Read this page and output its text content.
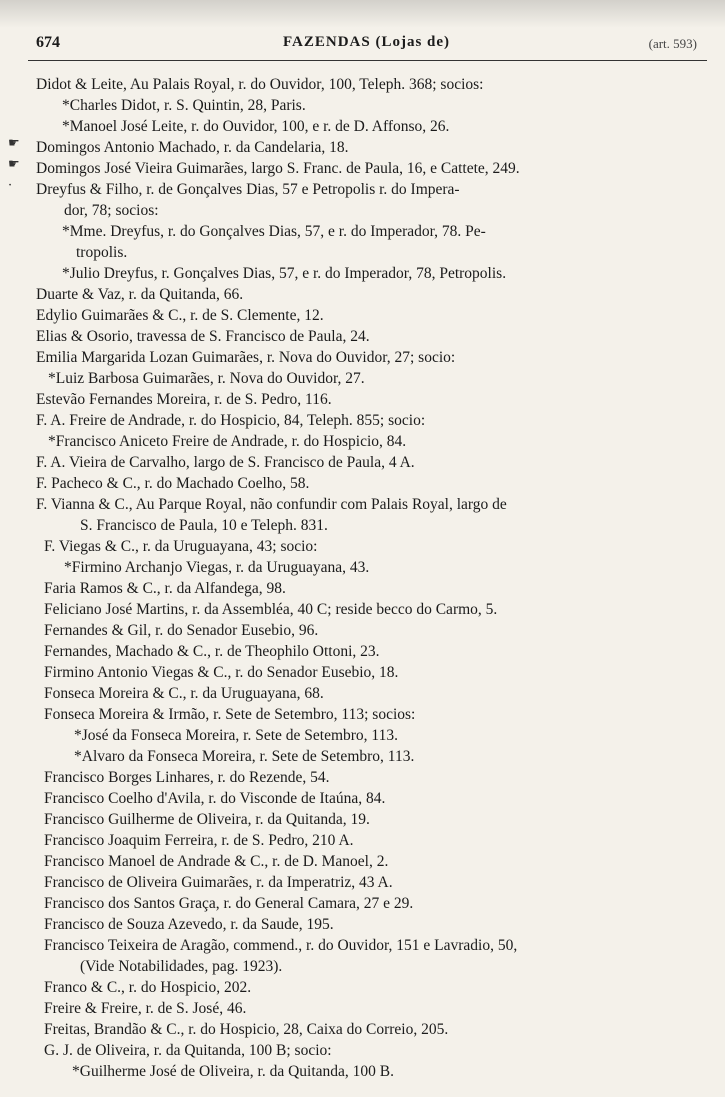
674	FAZENDAS (Lojas de)	(art. 593)
☛
☛
·
Didot & Leite, Au Palais Royal, r. do Ouvidor, 100, Teleph. 368; socios:
*Charles Didot, r. S. Quintin, 28, Paris.
*Manoel José Leite, r. do Ouvidor, 100, e r. de D. Affonso, 26.
Domingos Antonio Machado, r. da Candelaria, 18.
Domingos José Vieira Guimarães, largo S. Franc. de Paula, 16, e Cattete, 249.
Dreyfus & Filho, r. de Gonçalves Dias, 57 e Petropolis r. do Impera-
dor, 78; socios:
*Mme. Dreyfus, r. do Gonçalves Dias, 57, e r. do Imperador, 78. Pe-
tropolis.
*Julio Dreyfus, r. Gonçalves Dias, 57, e r. do Imperador, 78, Petropolis.
Duarte & Vaz, r. da Quitanda, 66.
Edylio Guimarães & C., r. de S. Clemente, 12.
Elias & Osorio, travessa de S. Francisco de Paula, 24.
Emilia Margarida Lozan Guimarães, r. Nova do Ouvidor, 27; socio:
*Luiz Barbosa Guimarães, r. Nova do Ouvidor, 27.
Estevão Fernandes Moreira, r. de S. Pedro, 116.
F. A. Freire de Andrade, r. do Hospicio, 84, Teleph. 855; socio:
*Francisco Aniceto Freire de Andrade, r. do Hospicio, 84.
F. A. Vieira de Carvalho, largo de S. Francisco de Paula, 4 A.
F. Pacheco & C., r. do Machado Coelho, 58.
F. Vianna & C., Au Parque Royal, não confundir com Palais Royal, largo de
S. Francisco de Paula, 10 e Teleph. 831.
F. Viegas & C., r. da Uruguayana, 43; socio:
*Firmino Archanjo Viegas, r. da Uruguayana, 43.
Faria Ramos & C., r. da Alfandega, 98.
Feliciano José Martins, r. da Assembléa, 40 C; reside becco do Carmo, 5.
Fernandes & Gil, r. do Senador Eusebio, 96.
Fernandes, Machado & C., r. de Theophilo Ottoni, 23.
Firmino Antonio Viegas & C., r. do Senador Eusebio, 18.
Fonseca Moreira & C., r. da Uruguayana, 68.
Fonseca Moreira & Irmão, r. Sete de Setembro, 113; socios:
*José da Fonseca Moreira, r. Sete de Setembro, 113.
*Alvaro da Fonseca Moreira, r. Sete de Setembro, 113.
Francisco Borges Linhares, r. do Rezende, 54.
Francisco Coelho d'Avila, r. do Visconde de Itaúna, 84.
Francisco Guilherme de Oliveira, r. da Quitanda, 19.
Francisco Joaquim Ferreira, r. de S. Pedro, 210 A.
Francisco Manoel de Andrade & C., r. de D. Manoel, 2.
Francisco de Oliveira Guimarães, r. da Imperatriz, 43 A.
Francisco dos Santos Graça, r. do General Camara, 27 e 29.
Francisco de Souza Azevedo, r. da Saude, 195.
Francisco Teixeira de Aragão, commend., r. do Ouvidor, 151 e Lavradio, 50,
(Vide Notabilidades, pag. 1923).
Franco & C., r. do Hospicio, 202.
Freire & Freire, r. de S. José, 46.
Freitas, Brandão & C., r. do Hospicio, 28, Caixa do Correio, 205.
G. J. de Oliveira, r. da Quitanda, 100 B; socio:
*Guilherme José de Oliveira, r. da Quitanda, 100 B.
